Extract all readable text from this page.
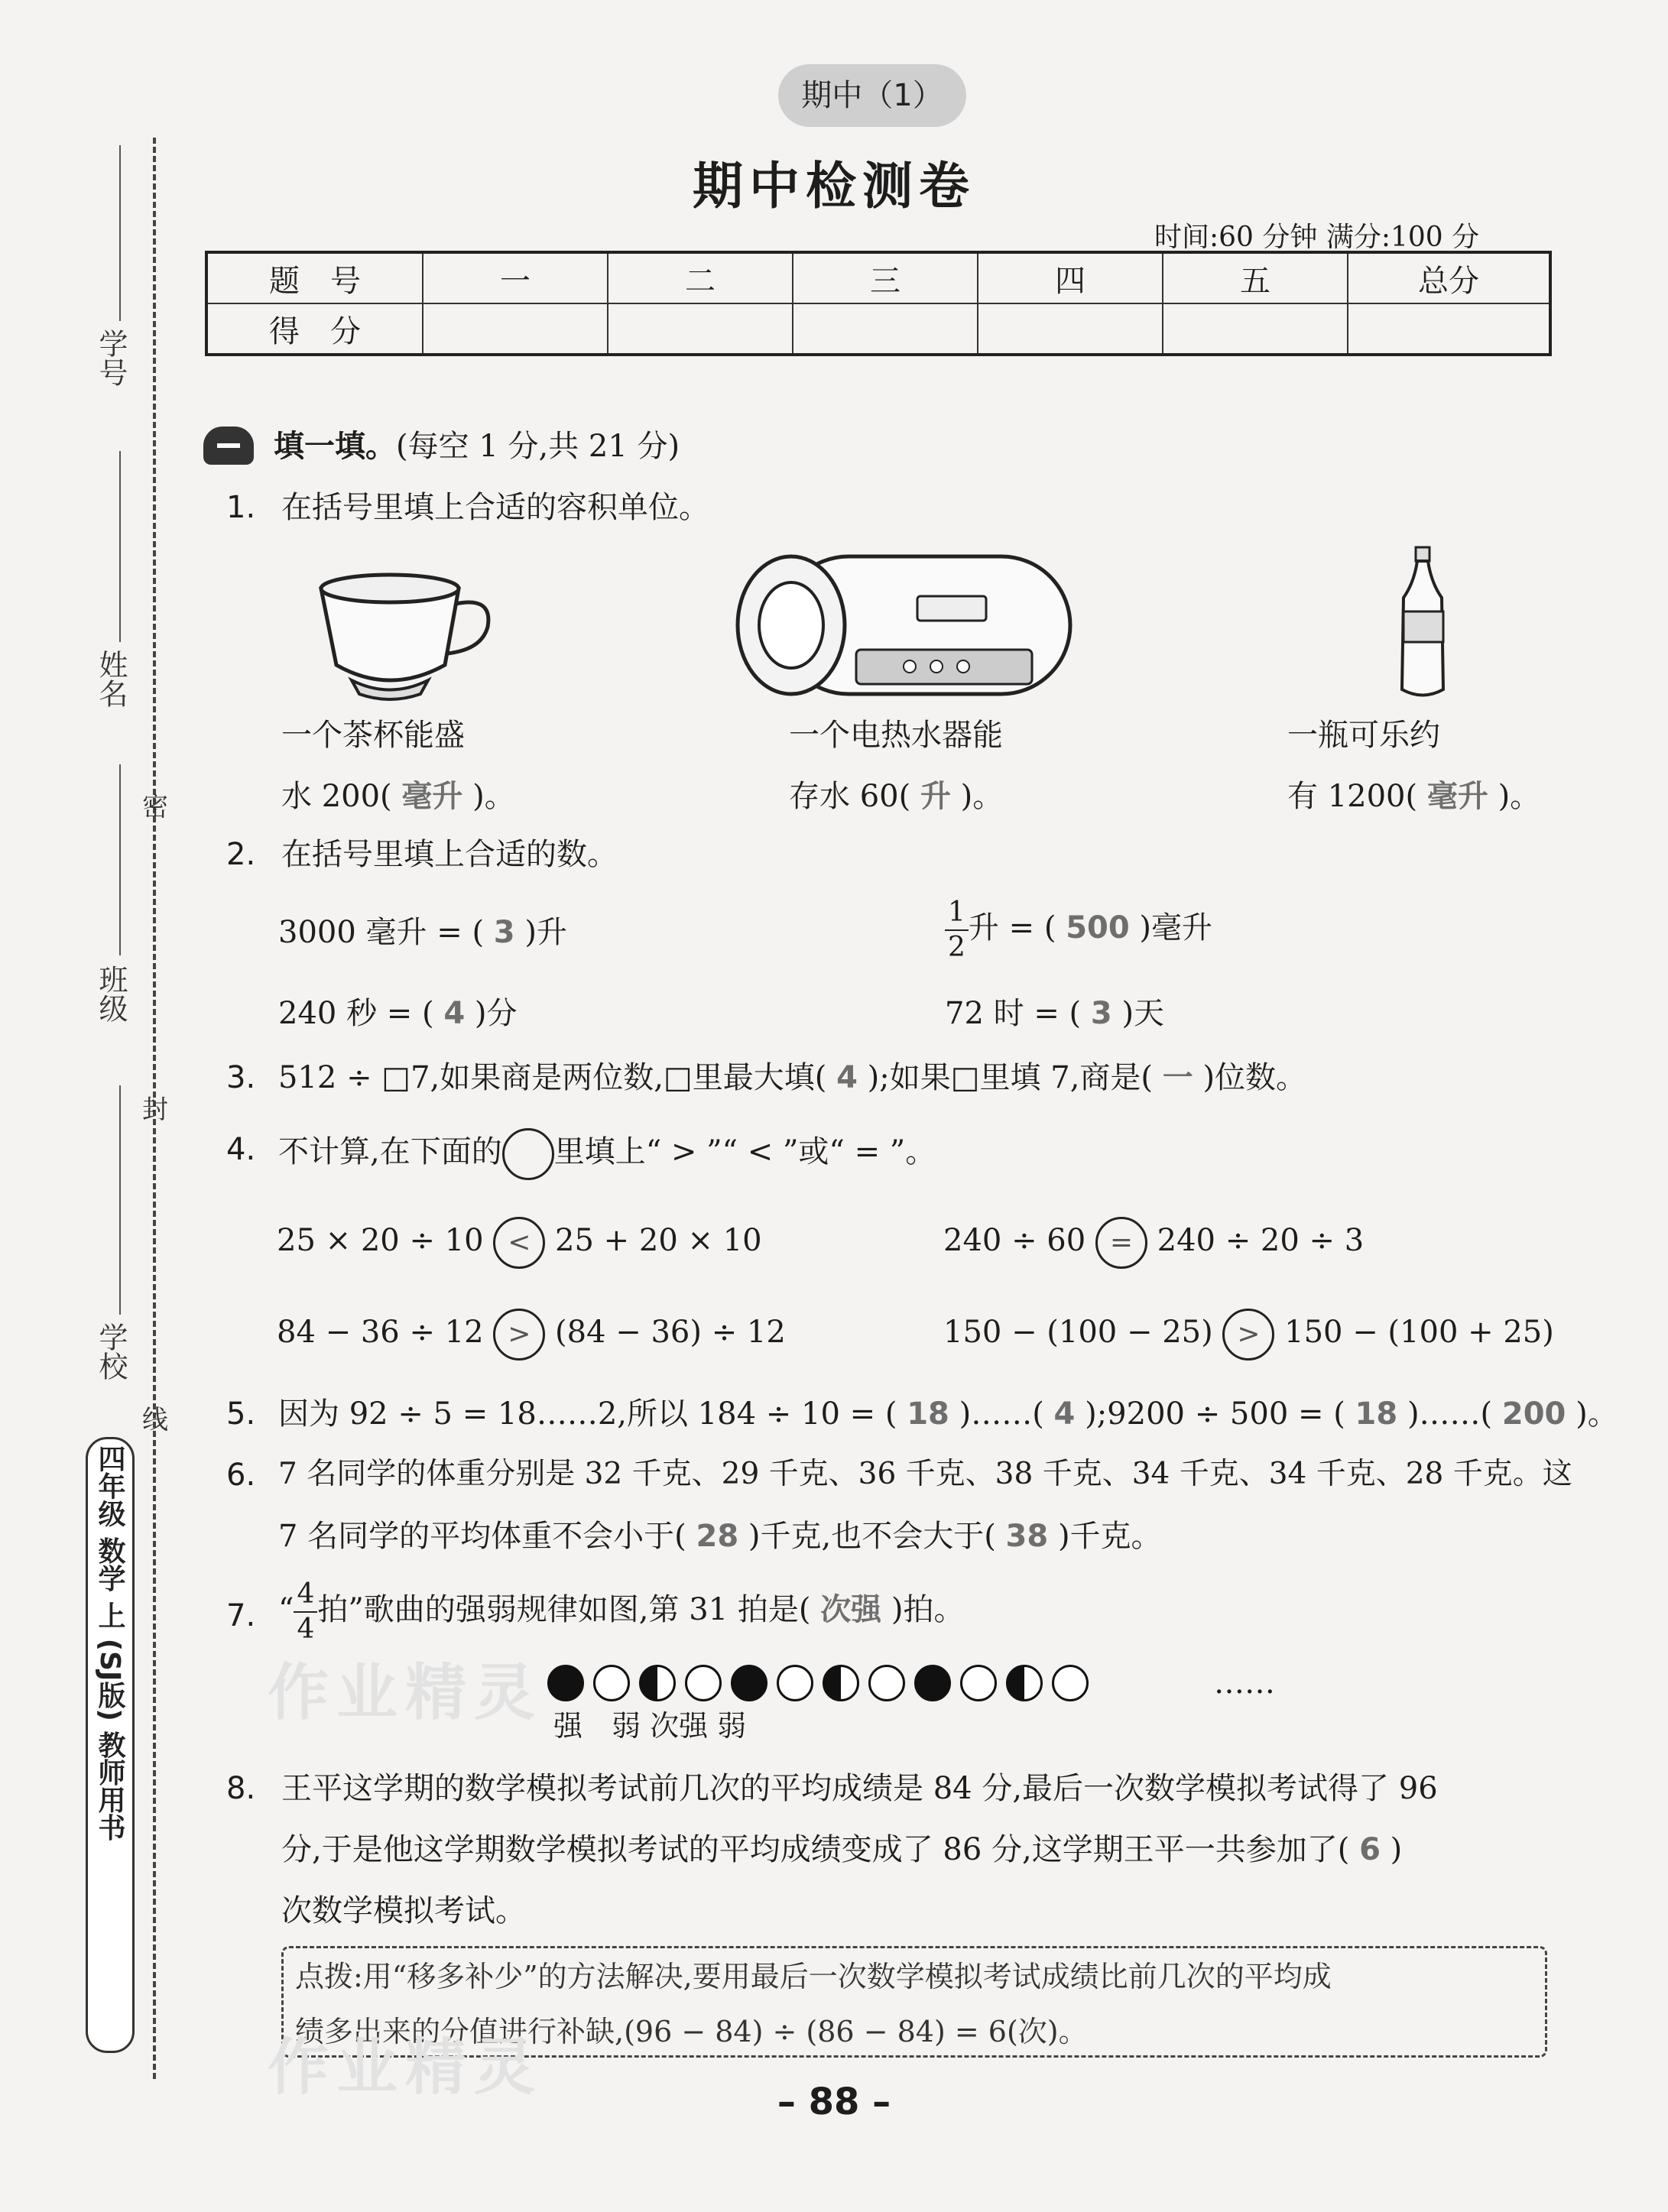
期中（1）
期中检测卷
时间:60 分钟 满分:100 分
题　号	一	二	三	四	五	总分
得　分						
学号
姓名
班级
学校
密
封
线
四年级 数学 上 (SJ版) 教师用书
填一填。(每空 1 分,共 21 分)
1. 在括号里填上合适的容积单位。
一个茶杯能盛
水 200( 毫升 )。
一个电热水器能
存水 60( 升 )。
一瓶可乐约
有 1200( 毫升 )。
2. 在括号里填上合适的数。
3000 毫升 = ( 3 )升	$\frac{1}{2}$ 升 = ( 500 )毫升
240 秒 = ( 4 )分	72 时 = ( 3 )天
3. 512 ÷ □7,如果商是两位数,□里最大填( 4 );如果□里填 7,商是( 一 )位数。
4. 不计算,在下面的 里填上“ > ”“ < ”或“ = ”。
25 × 20 ÷ 10 < 25 + 20 × 10	240 ÷ 60 = 240 ÷ 20 ÷ 3
84 − 36 ÷ 12 > (84 − 36) ÷ 12	150 − (100 − 25) > 150 − (100 + 25)
5. 因为 92 ÷ 5 = 18……2,所以 184 ÷ 10 = ( 18 )……( 4 );9200 ÷ 500 = ( 18 )……( 200 )。
6. 7 名同学的体重分别是 32 千克、29 千克、36 千克、38 千克、34 千克、34 千克、28 千克。这
7 名同学的平均体重不会小于( 28 )千克,也不会大于( 38 )千克。
7. “ $\frac{4}{4}$ 拍”歌曲的强弱规律如图,第 31 拍是( 次强 )拍。
……
强　弱 次强 弱
8. 王平这学期的数学模拟考试前几次的平均成绩是 84 分,最后一次数学模拟考试得了 96
分,于是他这学期数学模拟考试的平均成绩变成了 86 分,这学期王平一共参加了( 6 )
次数学模拟考试。
点拨:用“移多补少”的方法解决,要用最后一次数学模拟考试成绩比前几次的平均成
绩多出来的分值进行补缺,(96 − 84) ÷ (86 − 84) = 6(次)。
作业精灵
作业精灵	– 88 –
